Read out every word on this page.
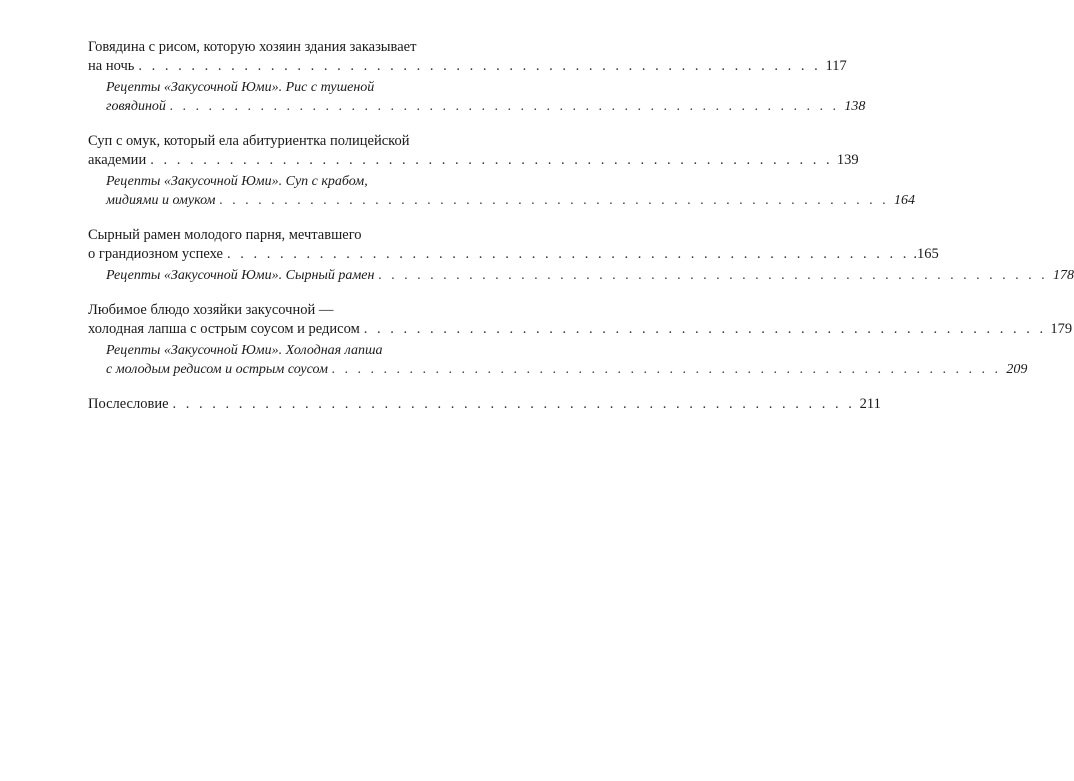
Говядина с рисом, которую хозяин здания заказывает
на ночь . . . . . . . . . . . . . . . . . . . . . . . . . . . . . . . . . . . . . . . . . . . . . . . . . . . . 117
Рецепты «Закусочной Юми». Рис с тушеной
говядиной . . . . . . . . . . . . . . . . . . . . . . . . . . . . . . . . . . . . . . . . . . . . . . . . . . . . 138
Суп с омук, который ела абитуриентка полицейской
академии . . . . . . . . . . . . . . . . . . . . . . . . . . . . . . . . . . . . . . . . . . . . . . . . . . . . 139
Рецепты «Закусочной Юми». Суп с крабом,
мидиями и омуком . . . . . . . . . . . . . . . . . . . . . . . . . . . . . . . . . . . . . . . . . . . . . . . . . . . . 164
Сырный рамен молодого парня, мечтавшего
о грандиозном успехе . . . . . . . . . . . . . . . . . . . . . . . . . . . . . . . . . . . . . . . . . . . . . . . . . . . . .165
Рецепты «Закусочной Юми». Сырный рамен . . . . . . . . . . . . . . . . . . . . . . . . . . . . . . . . . . . . . . . . . . . . . . . . . . . . 178
Любимое блюдо хозяйки закусочной —
холодная лапша с острым соусом и редисом . . . . . . . . . . . . . . . . . . . . . . . . . . . . . . . . . . . . . . . . . . . . . . . . . . . . 179
Рецепты «Закусочной Юми». Холодная лапша
с молодым редисом и острым соусом . . . . . . . . . . . . . . . . . . . . . . . . . . . . . . . . . . . . . . . . . . . . . . . . . . . . 209
Послесловие . . . . . . . . . . . . . . . . . . . . . . . . . . . . . . . . . . . . . . . . . . . . . . . . . . . . 211
